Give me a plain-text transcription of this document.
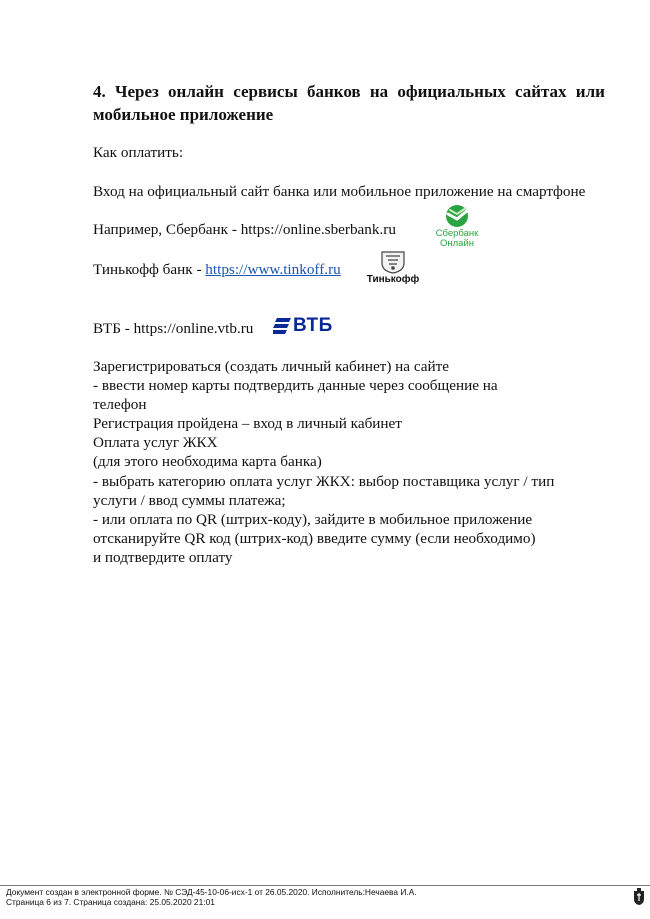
4. Через онлайн сервисы банков на официальных сайтах или
мобильное приложение
Как оплатить:
Вход на официальный сайт банка или мобильное приложение на смартфоне
Например, Сбербанк - https://online.sberbank.ru	Сбербанк
Онлайн
Тинькофф банк - https://www.tinkoff.ru
Тинькофф
ВТБ - https://online.vtb.ru ВТБ
Зарегистрироваться (создать личный кабинет) на сайте
- ввести номер карты подтвердить данные через сообщение на
телефон
Регистрация пройдена – вход в личный кабинет
Оплата услуг ЖКХ
(для этого необходима карта банка)
- выбрать категорию оплата услуг ЖКХ: выбор поставщика услуг / тип
услуги / ввод суммы платежа;
- или оплата по QR (штрих-коду), зайдите в мобильное приложение
отсканируйте QR код (штрих-код) введите сумму (если необходимо)
и подтвердите оплату
Документ создан в электронной форме. № СЭД-45-10-06-исх-1 от 26.05.2020. Исполнитель:Нечаева И.А.
Страница 6 из 7. Страница создана: 25.05.2020 21:01
